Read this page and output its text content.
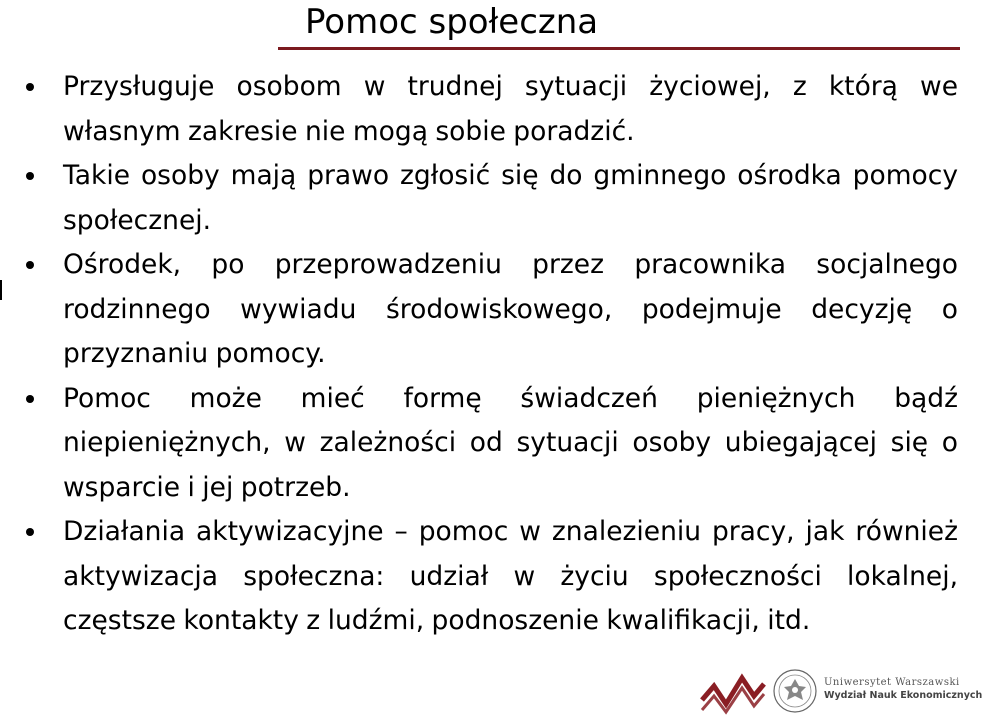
Pomoc społeczna
Przysługuje osobom w trudnej sytuacji życiowej, z którą we własnym zakresie nie mogą sobie poradzić.
Takie osoby mają prawo zgłosić się do gminnego ośrodka pomocy społecznej.
Ośrodek, po przeprowadzeniu przez pracownika socjalnego rodzinnego wywiadu środowiskowego, podejmuje decyzję o przyznaniu pomocy.
Pomoc może mieć formę świadczeń pieniężnych bądź niepieniężnych, w zależności od sytuacji osoby ubiegającej się o wsparcie i jej potrzeb.
Działania aktywizacyjne – pomoc w znalezieniu pracy, jak również aktywizacja społeczna: udział w życiu społeczności lokalnej, częstsze kontakty z ludźmi, podnoszenie kwalifikacji, itd.
Uniwersytet Warszawski
Wydział Nauk Ekonomicznych
